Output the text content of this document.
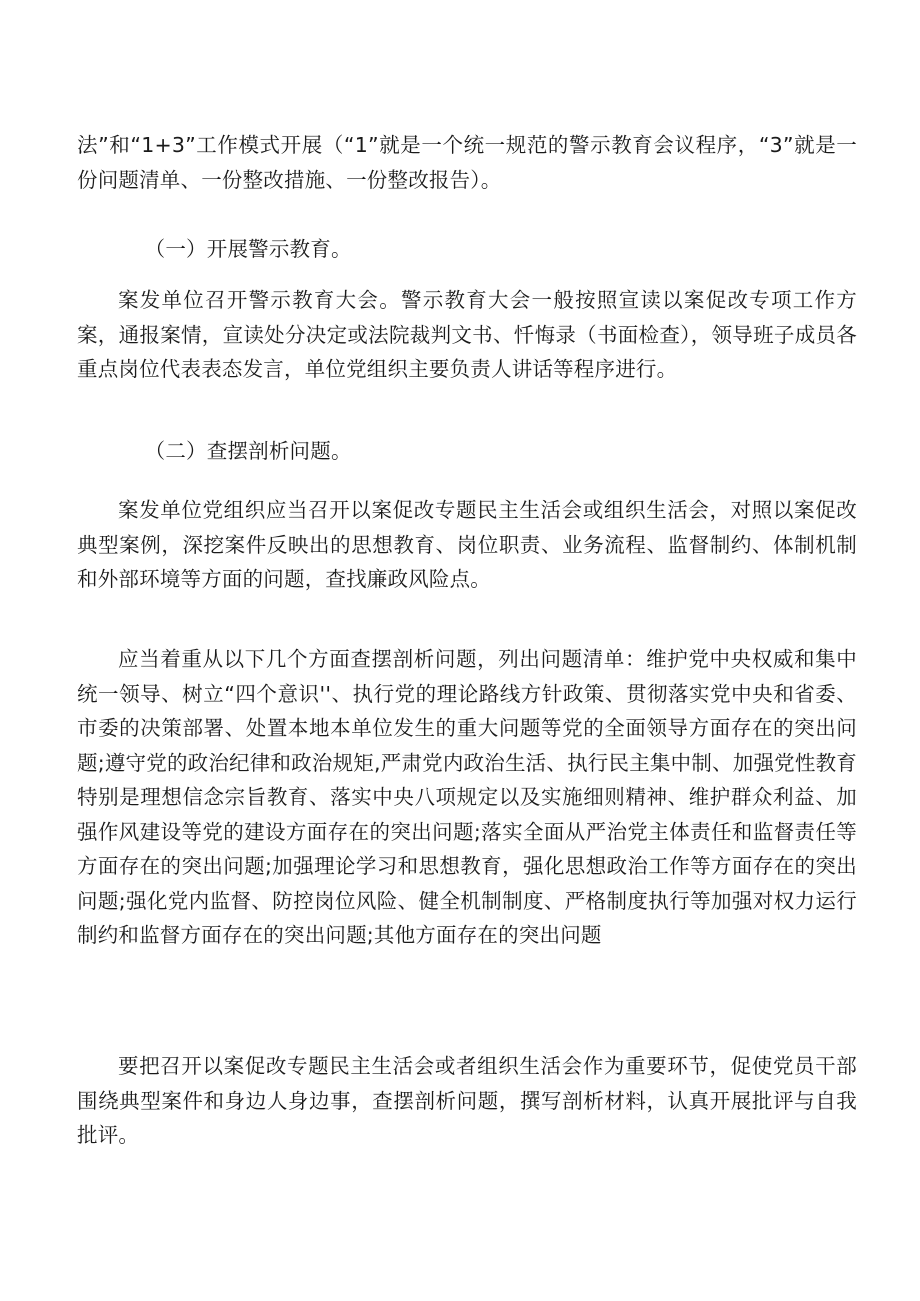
法”和“1+3”工作模式开展（“1”就是一个统一规范的警示教育会议程序，“3”就是一份问题清单、一份整改措施、一份整改报告）。

（一）开展警示教育。

案发单位召开警示教育大会。警示教育大会一般按照宣读以案促改专项工作方案，通报案情，宣读处分决定或法院裁判文书、忏悔录（书面检查），领导班子成员各重点岗位代表表态发言，单位党组织主要负责人讲话等程序进行。

（二）查摆剖析问题。

案发单位党组织应当召开以案促改专题民主生活会或组织生活会，对照以案促改典型案例，深挖案件反映出的思想教育、岗位职责、业务流程、监督制约、体制机制和外部环境等方面的问题，查找廉政风险点。

应当着重从以下几个方面查摆剖析问题，列出问题清单：维护党中央权威和集中统一领导、树立“四个意识''、执行党的理论路线方针政策、贯彻落实党中央和省委、市委的决策部署、处置本地本单位发生的重大问题等党的全面领导方面存在的突出问题;遵守党的政治纪律和政治规矩,严肃党内政治生活、执行民主集中制、加强党性教育特别是理想信念宗旨教育、落实中央八项规定以及实施细则精神、维护群众利益、加强作风建设等党的建设方面存在的突出问题;落实全面从严治党主体责任和监督责任等方面存在的突出问题;加强理论学习和思想教育，强化思想政治工作等方面存在的突出问题;强化党内监督、防控岗位风险、健全机制制度、严格制度执行等加强对权力运行制约和监督方面存在的突出问题;其他方面存在的突出问题

要把召开以案促改专题民主生活会或者组织生活会作为重要环节，促使党员干部围绕典型案件和身边人身边事，查摆剖析问题，撰写剖析材料，认真开展批评与自我批评。
